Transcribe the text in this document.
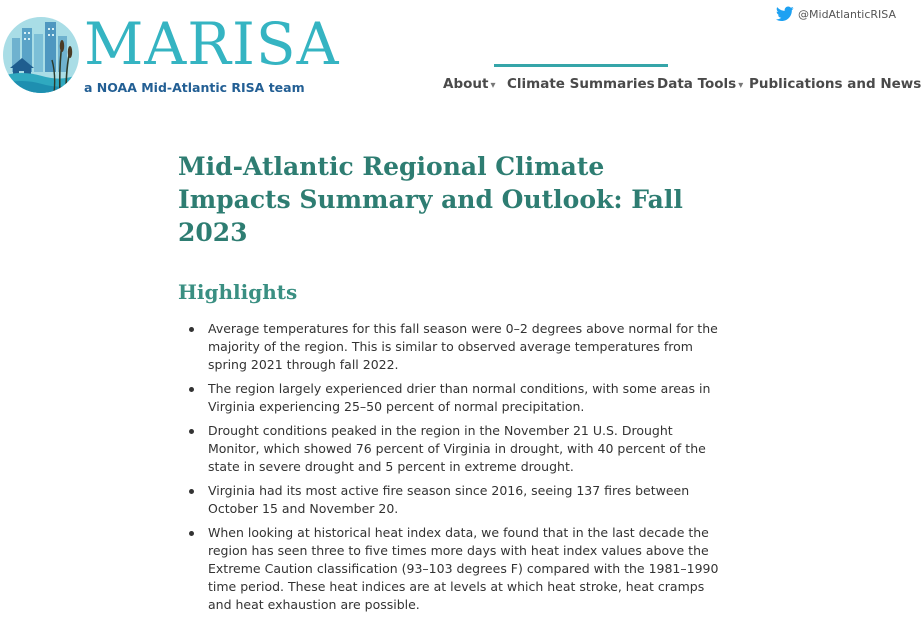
MARISA
a NOAA Mid-Atlantic RISA team
@MidAtlanticRISA
About ▾ Climate Summaries Data Tools ▾ Publications and News
Mid-Atlantic Regional Climate Impacts Summary and Outlook: Fall 2023
Highlights
Average temperatures for this fall season were 0–2 degrees above normal for the majority of the region. This is similar to observed average temperatures from spring 2021 through fall 2022.
The region largely experienced drier than normal conditions, with some areas in Virginia experiencing 25–50 percent of normal precipitation.
Drought conditions peaked in the region in the November 21 U.S. Drought Monitor, which showed 76 percent of Virginia in drought, with 40 percent of the state in severe drought and 5 percent in extreme drought.
Virginia had its most active fire season since 2016, seeing 137 fires between October 15 and November 20.
When looking at historical heat index data, we found that in the last decade the region has seen three to five times more days with heat index values above the Extreme Caution classification (93–103 degrees F) compared with the 1981–1990 time period. These heat indices are at levels at which heat stroke, heat cramps and heat exhaustion are possible.
